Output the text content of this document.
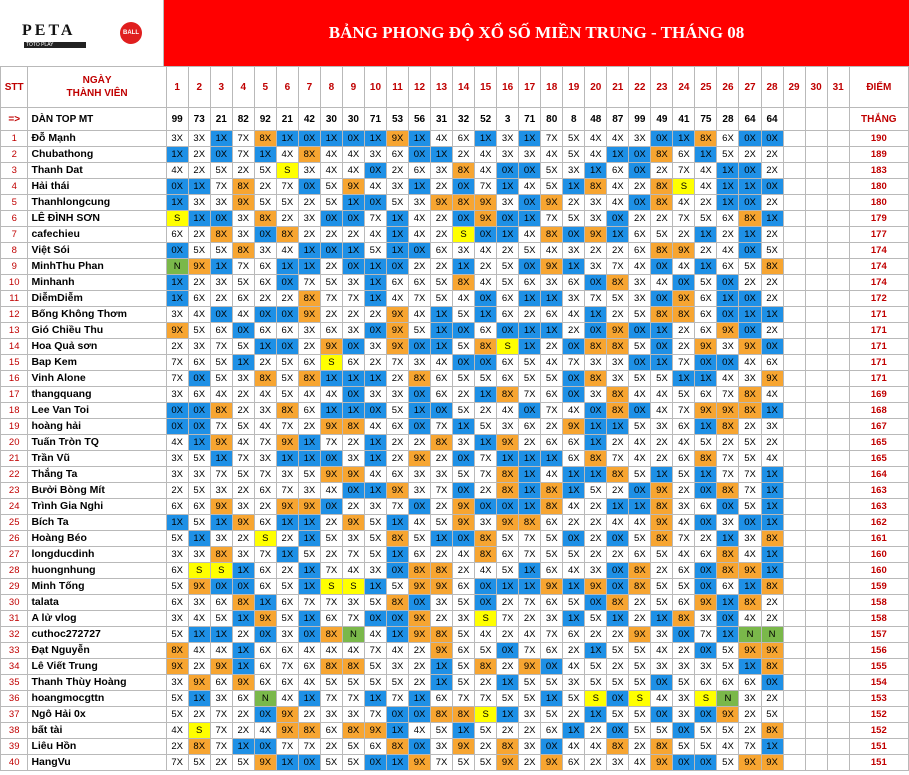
PETA
TOTO PLAY
BALL	BẢNG PHONG ĐỘ XỔ SỐ MIỀN TRUNG - THÁNG 08
STT	NGÀY
THÀNH VIÊN	1	2	3	4	5	6	7	8	9	10	11	12	13	14	15	16	17	18	19	20	21	22	23	24	25	26	27	28	29	30	31	ĐIỂM
=>	DÀN TOP MT	99	73	21	82	92	21	42	30	30	71	53	56	31	32	52	3	71	80	8	48	87	99	49	41	75	28	64	64				THẮNG
1	Đỗ Mạnh	3X	3X	1X	7X	8X	1X	0X	1X	0X	1X	9X	1X	4X	6X	1X	3X	1X	7X	5X	4X	4X	3X	0X	1X	8X	6X	0X	0X				190
2	Chubathong	1X	2X	0X	7X	1X	4X	8X	4X	4X	3X	6X	0X	1X	2X	4X	3X	3X	4X	5X	4X	1X	0X	8X	6X	1X	5X	2X	2X				189
3	Thanh Dat	4X	2X	5X	2X	5X	S	3X	4X	4X	0X	2X	6X	3X	8X	4X	0X	0X	5X	3X	1X	6X	0X	2X	7X	4X	1X	0X	2X				183
4	Hải thái	0X	1X	7X	8X	2X	7X	0X	5X	9X	4X	3X	1X	2X	0X	7X	1X	4X	5X	1X	8X	4X	2X	8X	S	4X	1X	1X	0X				180
5	Thanhlongcung	1X	3X	3X	9X	5X	5X	2X	5X	1X	0X	5X	3X	9X	8X	9X	3X	0X	9X	2X	3X	4X	0X	8X	4X	2X	1X	0X	2X				180
6	LÊ ĐÌNH SƠN	S	1X	0X	3X	8X	2X	3X	0X	0X	7X	1X	4X	2X	0X	9X	0X	1X	7X	5X	3X	0X	2X	2X	7X	5X	6X	8X	1X				179
7	cafechieu	6X	2X	8X	3X	0X	8X	2X	2X	2X	4X	1X	4X	2X	S	0X	1X	4X	8X	0X	9X	1X	6X	5X	2X	1X	2X	1X	2X				177
8	Việt Sói	0X	5X	5X	8X	3X	4X	1X	0X	1X	5X	1X	0X	6X	3X	4X	2X	5X	4X	3X	2X	2X	6X	8X	9X	2X	4X	0X	5X				174
9	MinhThu Phan	N	9X	1X	7X	6X	1X	1X	2X	0X	1X	0X	2X	2X	1X	2X	5X	0X	9X	1X	3X	7X	4X	0X	4X	1X	6X	5X	8X				174
10	Minhanh	1X	2X	3X	5X	6X	0X	7X	5X	3X	1X	6X	6X	5X	8X	4X	5X	6X	3X	6X	0X	8X	3X	4X	0X	5X	0X	2X	2X				174
11	DiễmDiễm	1X	6X	2X	6X	2X	2X	8X	7X	7X	1X	4X	7X	5X	4X	0X	6X	1X	1X	3X	7X	5X	3X	0X	9X	6X	1X	0X	2X				172
12	Bống Không Thơm	3X	4X	0X	4X	0X	0X	9X	2X	2X	2X	9X	4X	1X	5X	1X	6X	2X	6X	4X	1X	2X	5X	8X	8X	6X	0X	1X	1X				171
13	Gió Chiều Thu	9X	5X	6X	0X	6X	6X	3X	6X	3X	0X	9X	5X	1X	0X	6X	0X	1X	1X	2X	0X	9X	0X	1X	2X	6X	9X	0X	2X				171
14	Hoa Quả sơn	2X	3X	7X	5X	1X	0X	2X	9X	0X	3X	9X	0X	1X	5X	8X	S	1X	2X	0X	8X	8X	5X	0X	2X	9X	3X	9X	0X				171
15	Bap Kem	7X	6X	5X	1X	2X	5X	6X	S	6X	2X	7X	3X	4X	0X	0X	6X	5X	4X	7X	3X	3X	0X	1X	7X	0X	0X	4X	6X				171
16	Vinh Alone	7X	0X	5X	3X	8X	5X	8X	1X	1X	1X	2X	8X	6X	5X	5X	6X	5X	5X	0X	8X	3X	5X	5X	1X	1X	4X	3X	9X				171
17	thangquang	3X	6X	4X	2X	4X	5X	4X	4X	0X	3X	3X	0X	6X	2X	1X	8X	7X	6X	0X	3X	8X	4X	4X	5X	6X	7X	8X	4X				169
18	Lee Van Toi	0X	0X	8X	2X	3X	8X	6X	1X	1X	0X	5X	1X	0X	5X	2X	4X	0X	7X	4X	0X	8X	0X	4X	7X	9X	9X	8X	1X				168
19	hoàng hải	0X	0X	7X	5X	4X	7X	2X	9X	8X	4X	6X	0X	7X	1X	5X	3X	6X	2X	9X	1X	1X	5X	3X	6X	1X	8X	2X	3X				167
20	Tuấn Tròn TQ	4X	1X	9X	4X	7X	9X	1X	7X	2X	1X	2X	2X	8X	3X	1X	9X	2X	6X	6X	1X	2X	4X	2X	4X	5X	2X	5X	2X				165
21	Trần Vũ	3X	5X	1X	7X	3X	1X	1X	0X	3X	1X	2X	9X	2X	0X	7X	1X	1X	1X	6X	8X	7X	4X	2X	6X	8X	7X	5X	4X				165
22	Thắng Ta	3X	3X	7X	5X	7X	3X	5X	9X	9X	4X	6X	3X	3X	5X	7X	8X	1X	4X	1X	1X	8X	5X	1X	5X	1X	7X	7X	1X				164
23	Bưởi Bòng Mít	2X	5X	3X	2X	6X	7X	3X	4X	0X	1X	9X	3X	7X	0X	2X	8X	1X	8X	1X	5X	2X	0X	9X	2X	0X	8X	7X	1X				163
24	Trình Gia Nghi	6X	6X	9X	3X	2X	9X	9X	0X	2X	3X	7X	0X	2X	9X	0X	0X	1X	8X	4X	2X	1X	1X	8X	3X	6X	0X	5X	1X				163
25	Bích Ta	1X	5X	1X	9X	6X	1X	1X	2X	9X	5X	1X	4X	5X	9X	3X	9X	8X	6X	2X	2X	4X	4X	9X	4X	0X	3X	0X	1X				162
26	Hoàng Béo	5X	1X	3X	2X	S	2X	1X	5X	3X	5X	8X	5X	1X	0X	8X	5X	7X	5X	0X	2X	0X	5X	8X	7X	2X	1X	3X	8X				161
27	longducdinh	3X	3X	8X	3X	7X	1X	5X	2X	7X	5X	1X	6X	2X	4X	8X	6X	7X	5X	5X	2X	2X	6X	5X	4X	6X	8X	4X	1X				160
28	huongnhung	6X	S	S	1X	6X	2X	1X	7X	4X	3X	0X	8X	8X	2X	4X	5X	1X	6X	4X	3X	0X	8X	2X	6X	0X	8X	9X	1X				160
29	Minh Tống	5X	9X	0X	0X	6X	5X	1X	S	S	1X	5X	9X	9X	6X	0X	1X	1X	9X	1X	9X	0X	8X	5X	5X	0X	6X	1X	8X				159
30	talata	6X	3X	6X	8X	1X	6X	7X	7X	3X	5X	8X	0X	3X	5X	0X	2X	7X	6X	5X	0X	8X	2X	5X	6X	9X	1X	8X	2X				158
31	A lử vlog	3X	4X	5X	1X	9X	5X	1X	6X	7X	0X	0X	9X	2X	3X	S	7X	2X	3X	1X	5X	1X	2X	1X	8X	3X	0X	4X	2X				158
32	cuthoc272727	5X	1X	1X	2X	0X	3X	0X	8X	N	4X	1X	9X	8X	5X	4X	2X	4X	7X	6X	2X	2X	9X	3X	0X	7X	1X	N	N				157
33	Đạt Nguyễn	8X	4X	4X	1X	6X	6X	4X	4X	4X	7X	4X	2X	9X	6X	5X	0X	7X	6X	2X	1X	5X	5X	4X	2X	0X	5X	9X	9X				156
34	Lê Viết Trung	9X	2X	9X	1X	6X	7X	6X	8X	8X	5X	3X	2X	1X	5X	8X	2X	9X	0X	4X	5X	2X	5X	3X	3X	3X	5X	1X	8X				155
35	Thanh Thùy Hoàng	3X	9X	6X	9X	6X	6X	4X	5X	5X	5X	5X	2X	1X	5X	2X	1X	5X	5X	3X	5X	5X	5X	0X	5X	6X	6X	6X	0X				154
36	hoangmocgttn	5X	1X	3X	6X	N	4X	1X	7X	7X	1X	7X	1X	6X	7X	7X	5X	5X	1X	5X	S	0X	S	4X	3X	S	N	3X	2X				153
37	Ngô Hải 0x	5X	2X	7X	2X	0X	9X	2X	3X	3X	7X	0X	0X	8X	8X	S	1X	3X	5X	2X	1X	5X	5X	0X	3X	0X	9X	2X	5X				152
38	bất tài	4X	S	7X	2X	4X	9X	8X	6X	8X	9X	1X	4X	5X	1X	5X	2X	2X	6X	1X	2X	0X	5X	5X	0X	5X	5X	2X	8X				152
39	Liêu Hồn	2X	8X	7X	1X	0X	7X	7X	2X	5X	6X	8X	0X	3X	9X	2X	8X	3X	0X	4X	4X	8X	2X	8X	5X	5X	4X	7X	1X				151
40	HangVu	7X	5X	2X	5X	9X	1X	0X	5X	5X	0X	1X	9X	7X	5X	5X	9X	2X	9X	6X	2X	3X	4X	9X	0X	0X	5X	9X	9X				151
